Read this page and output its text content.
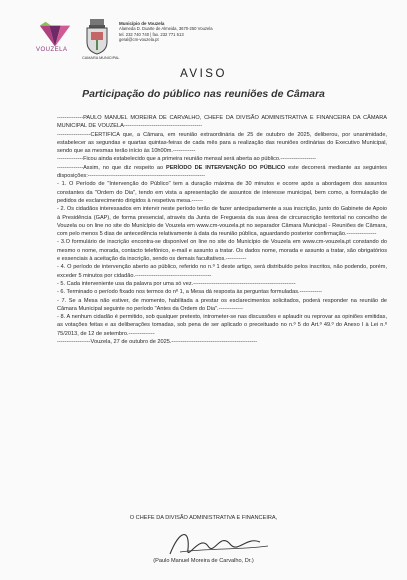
VOUZELA
CAMARA MUNICIPAL
Município de Vouzela
Alameda D. Duarte de Almeida, 3670-250 Vouzela
tel. 232 740 740 | fax. 232 771 513
geral@cm-vouzela.pt
AVISO
Participação do público nas reuniões de Câmara

--------------PAULO MANUEL MOREIRA DE CARVALHO, CHEFE DA DIVISÃO ADMINISTRATIVA E FINANCEIRA DA CÂMARA MUNICIPAL DE VOUZELA------------------------------------------

------------------CERTIFICA que, a Câmara, em reunião extraordinária de 25 de outubro de 2025, deliberou, por unanimidade, estabelecer as segundas e quartas quintas-feiras de cada mês para a realização das reuniões ordinárias do Executivo Municipal, sendo que as mesmas terão início às 10h00m.------------

--------------Ficou ainda estabelecido que a primeira reunião mensal será aberta ao público.-------------------

--------------Assim, no que diz respeito ao PERÍODO DE INTERVENÇÃO DO PÚBLICO este decorrerá mediante as seguintes disposições:---------------------------------------------------------------

- 1. O Período de "Intervenção do Público" tem a duração máxima de 30 minutos e ocorre após a abordagem dos assuntos constantes da "Ordem do Dia", tendo em vista a apresentação de assuntos de interesse municipal, bem como, a formulação de pedidos de esclarecimento dirigidos à respetiva mesa.------

- 2. Os cidadãos interessados em intervir neste período terão de fazer antecipadamente a sua inscrição, junto do Gabinete de Apoio à Presidência (GAP), de forma presencial, através da Junta de Freguesia da sua área de circunscrição territorial no concelho de Vouzela ou on line no site do Município de Vouzela em www.cm-vouzela.pt no separador Câmara Municipal - Reuniões de Câmara, com pelo menos 5 dias de antecedência relativamente à data da reunião pública, aguardando posterior confirmação.----------------

- 3.O formulário de inscrição encontra-se disponível on line no site do Município de Vouzela em www.cm-vouzela.pt constando do mesmo o nome, morada, contacto telefónico, e-mail e assunto a tratar. Os dados nome, morada e assunto a tratar, são obrigatórios e essenciais à aceitação da inscrição, sendo os demais facultativos.-----------

- 4. O período de intervenção aberto ao público, referido no n.º 1 deste artigo, será distribuído pelos inscritos, não podendo, porém, exceder 5 minutos por cidadão.-----------------------------------------

- 5. Cada interveniente usa da palavra por uma só vez.-------------------------------------------------------

- 6. Terminado o período fixado nos termos do nº 1, a Mesa dá resposta às perguntas formuladas.------------

- 7. Se a Mesa não estiver, de momento, habilitada a prestar os esclarecimentos solicitados, poderá responder na reunião de Câmara Municipal seguinte no período "Antes da Ordem do Dia".-------------

- 8. A nenhum cidadão é permitido, sob qualquer pretexto, intrometer-se nas discussões e aplaudir ou reprovar as opiniões emitidas, as votações feitas e as deliberações tomadas, sob pena de ser aplicado o preceituado no n.º 5 do Art.º 49.º do Anexo I à Lei n.º 75/2013, de 12 de setembro.--------------

------------------Vouzela, 27 de outubro de 2025.----------------------------------------------

O CHEFE DA DIVISÃO ADMINISTRATIVA E FINANCEIRA,
(Paulo Manuel Moreira de Carvalho, Dr.)
